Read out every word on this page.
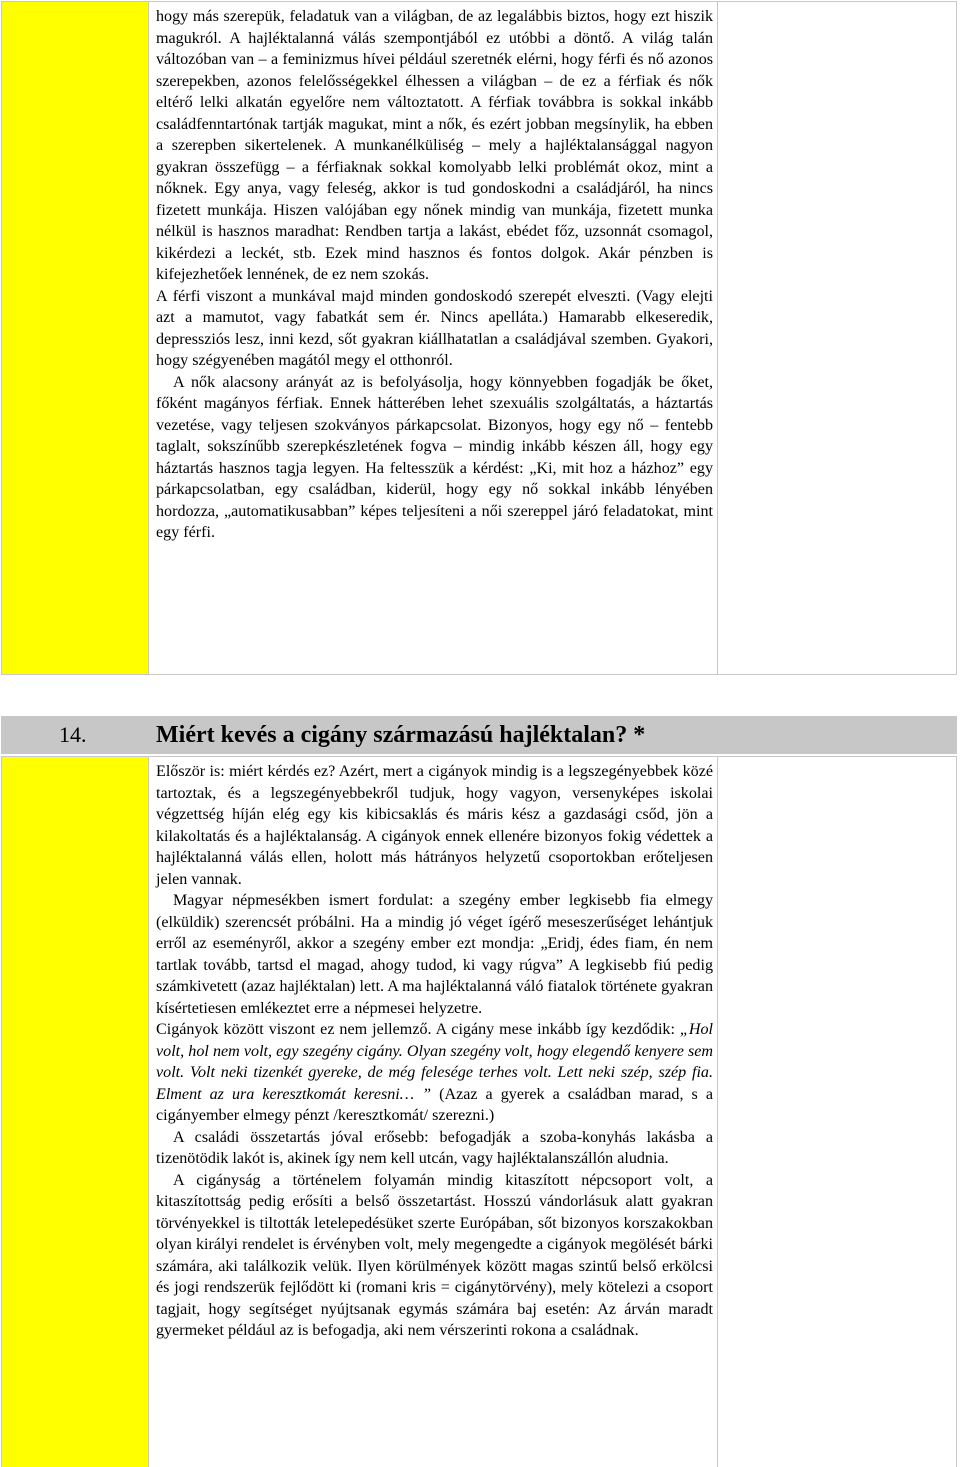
hogy más szerepük, feladatuk van a világban, de az legalábbis biztos, hogy ezt hiszik magukról. A hajléktalanná válás szempontjából ez utóbbi a döntő. A világ talán változóban van – a feminizmus hívei például szeretnék elérni, hogy férfi és nő azonos szerepekben, azonos felelősségekkel élhessen a világban – de ez a férfiak és nők eltérő lelki alkatán egyelőre nem változtatott. A férfiak továbbra is sokkal inkább családfenntartónak tartják magukat, mint a nők, és ezért jobban megsínylik, ha ebben a szerepben sikertelenek. A munkanélküliség – mely a hajléktalansággal nagyon gyakran összefügg – a férfiaknak sokkal komolyabb lelki problémát okoz, mint a nőknek. Egy anya, vagy feleség, akkor is tud gondoskodni a családjáról, ha nincs fizetett munkája. Hiszen valójában egy nőnek mindig van munkája, fizetett munka nélkül is hasznos maradhat: Rendben tartja a lakást, ebédet főz, uzsonnát csomagol, kikérdezi a leckét, stb. Ezek mind hasznos és fontos dolgok. Akár pénzben is kifejezhetőek lennének, de ez nem szokás.

A férfi viszont a munkával majd minden gondoskodó szerepét elveszti. (Vagy elejti azt a mamutot, vagy fabatkát sem ér. Nincs apelláta.) Hamarabb elkeseredik, depressziós lesz, inni kezd, sőt gyakran kiállhatatlan a családjával szemben. Gyakori, hogy szégyenében magától megy el otthonról.

A nők alacsony arányát az is befolyásolja, hogy könnyebben fogadják be őket, főként magányos férfiak. Ennek hátterében lehet szexuális szolgáltatás, a háztartás vezetése, vagy teljesen szokványos párkapcsolat. Bizonyos, hogy egy nő – fentebb taglalt, sokszínűbb szerepkészletének fogva – mindig inkább készen áll, hogy egy háztartás hasznos tagja legyen. Ha feltesszük a kérdést: „Ki, mit hoz a házhoz” egy párkapcsolatban, egy családban, kiderül, hogy egy nő sokkal inkább lényében hordozza, „automatikusabban” képes teljesíteni a női szereppel járó feladatokat, mint egy férfi.

14.	Miért kevés a cigány származású hajléktalan? *

Először is: miért kérdés ez? Azért, mert a cigányok mindig is a legszegényebbek közé tartoztak, és a legszegényebbekről tudjuk, hogy vagyon, versenyképes iskolai végzettség híján elég egy kis kibicsaklás és máris kész a gazdasági csőd, jön a kilakoltatás és a hajléktalanság. A cigányok ennek ellenére bizonyos fokig védettek a hajléktalanná válás ellen, holott más hátrányos helyzetű csoportokban erőteljesen jelen vannak.

Magyar népmesékben ismert fordulat: a szegény ember legkisebb fia elmegy (elküldik) szerencsét próbálni. Ha a mindig jó véget ígérő meseszerűséget lehántjuk erről az eseményről, akkor a szegény ember ezt mondja: „Eridj, édes fiam, én nem tartlak tovább, tartsd el magad, ahogy tudod, ki vagy rúgva” A legkisebb fiú pedig számkivetett (azaz hajléktalan) lett. A ma hajléktalanná váló fiatalok története gyakran kísértetiesen emlékeztet erre a népmesei helyzetre.

Cigányok között viszont ez nem jellemző. A cigány mese inkább így kezdődik: „Hol volt, hol nem volt, egy szegény cigány. Olyan szegény volt, hogy elegendő kenyere sem volt. Volt neki tizenkét gyereke, de még felesége terhes volt. Lett neki szép, szép fia. Elment az ura keresztkomát keresni… ” (Azaz a gyerek a családban marad, s a cigányember elmegy pénzt /keresztkomát/ szerezni.)

A családi összetartás jóval erősebb: befogadják a szoba-konyhás lakásba a tizenötödik lakót is, akinek így nem kell utcán, vagy hajléktalanszállón aludnia.

A cigányság a történelem folyamán mindig kitaszított népcsoport volt, a kitaszítottság pedig erősíti a belső összetartást. Hosszú vándorlásuk alatt gyakran törvényekkel is tiltották letelepedésüket szerte Európában, sőt bizonyos korszakokban olyan királyi rendelet is érvényben volt, mely megengedte a cigányok megölését bárki számára, aki találkozik velük. Ilyen körülmények között magas szintű belső erkölcsi és jogi rendszerük fejlődött ki (romani kris = cigánytörvény), mely kötelezi a csoport tagjait, hogy segítséget nyújtsanak egymás számára baj esetén: Az árván maradt gyermeket például az is befogadja, aki nem vérszerinti rokona a családnak.
